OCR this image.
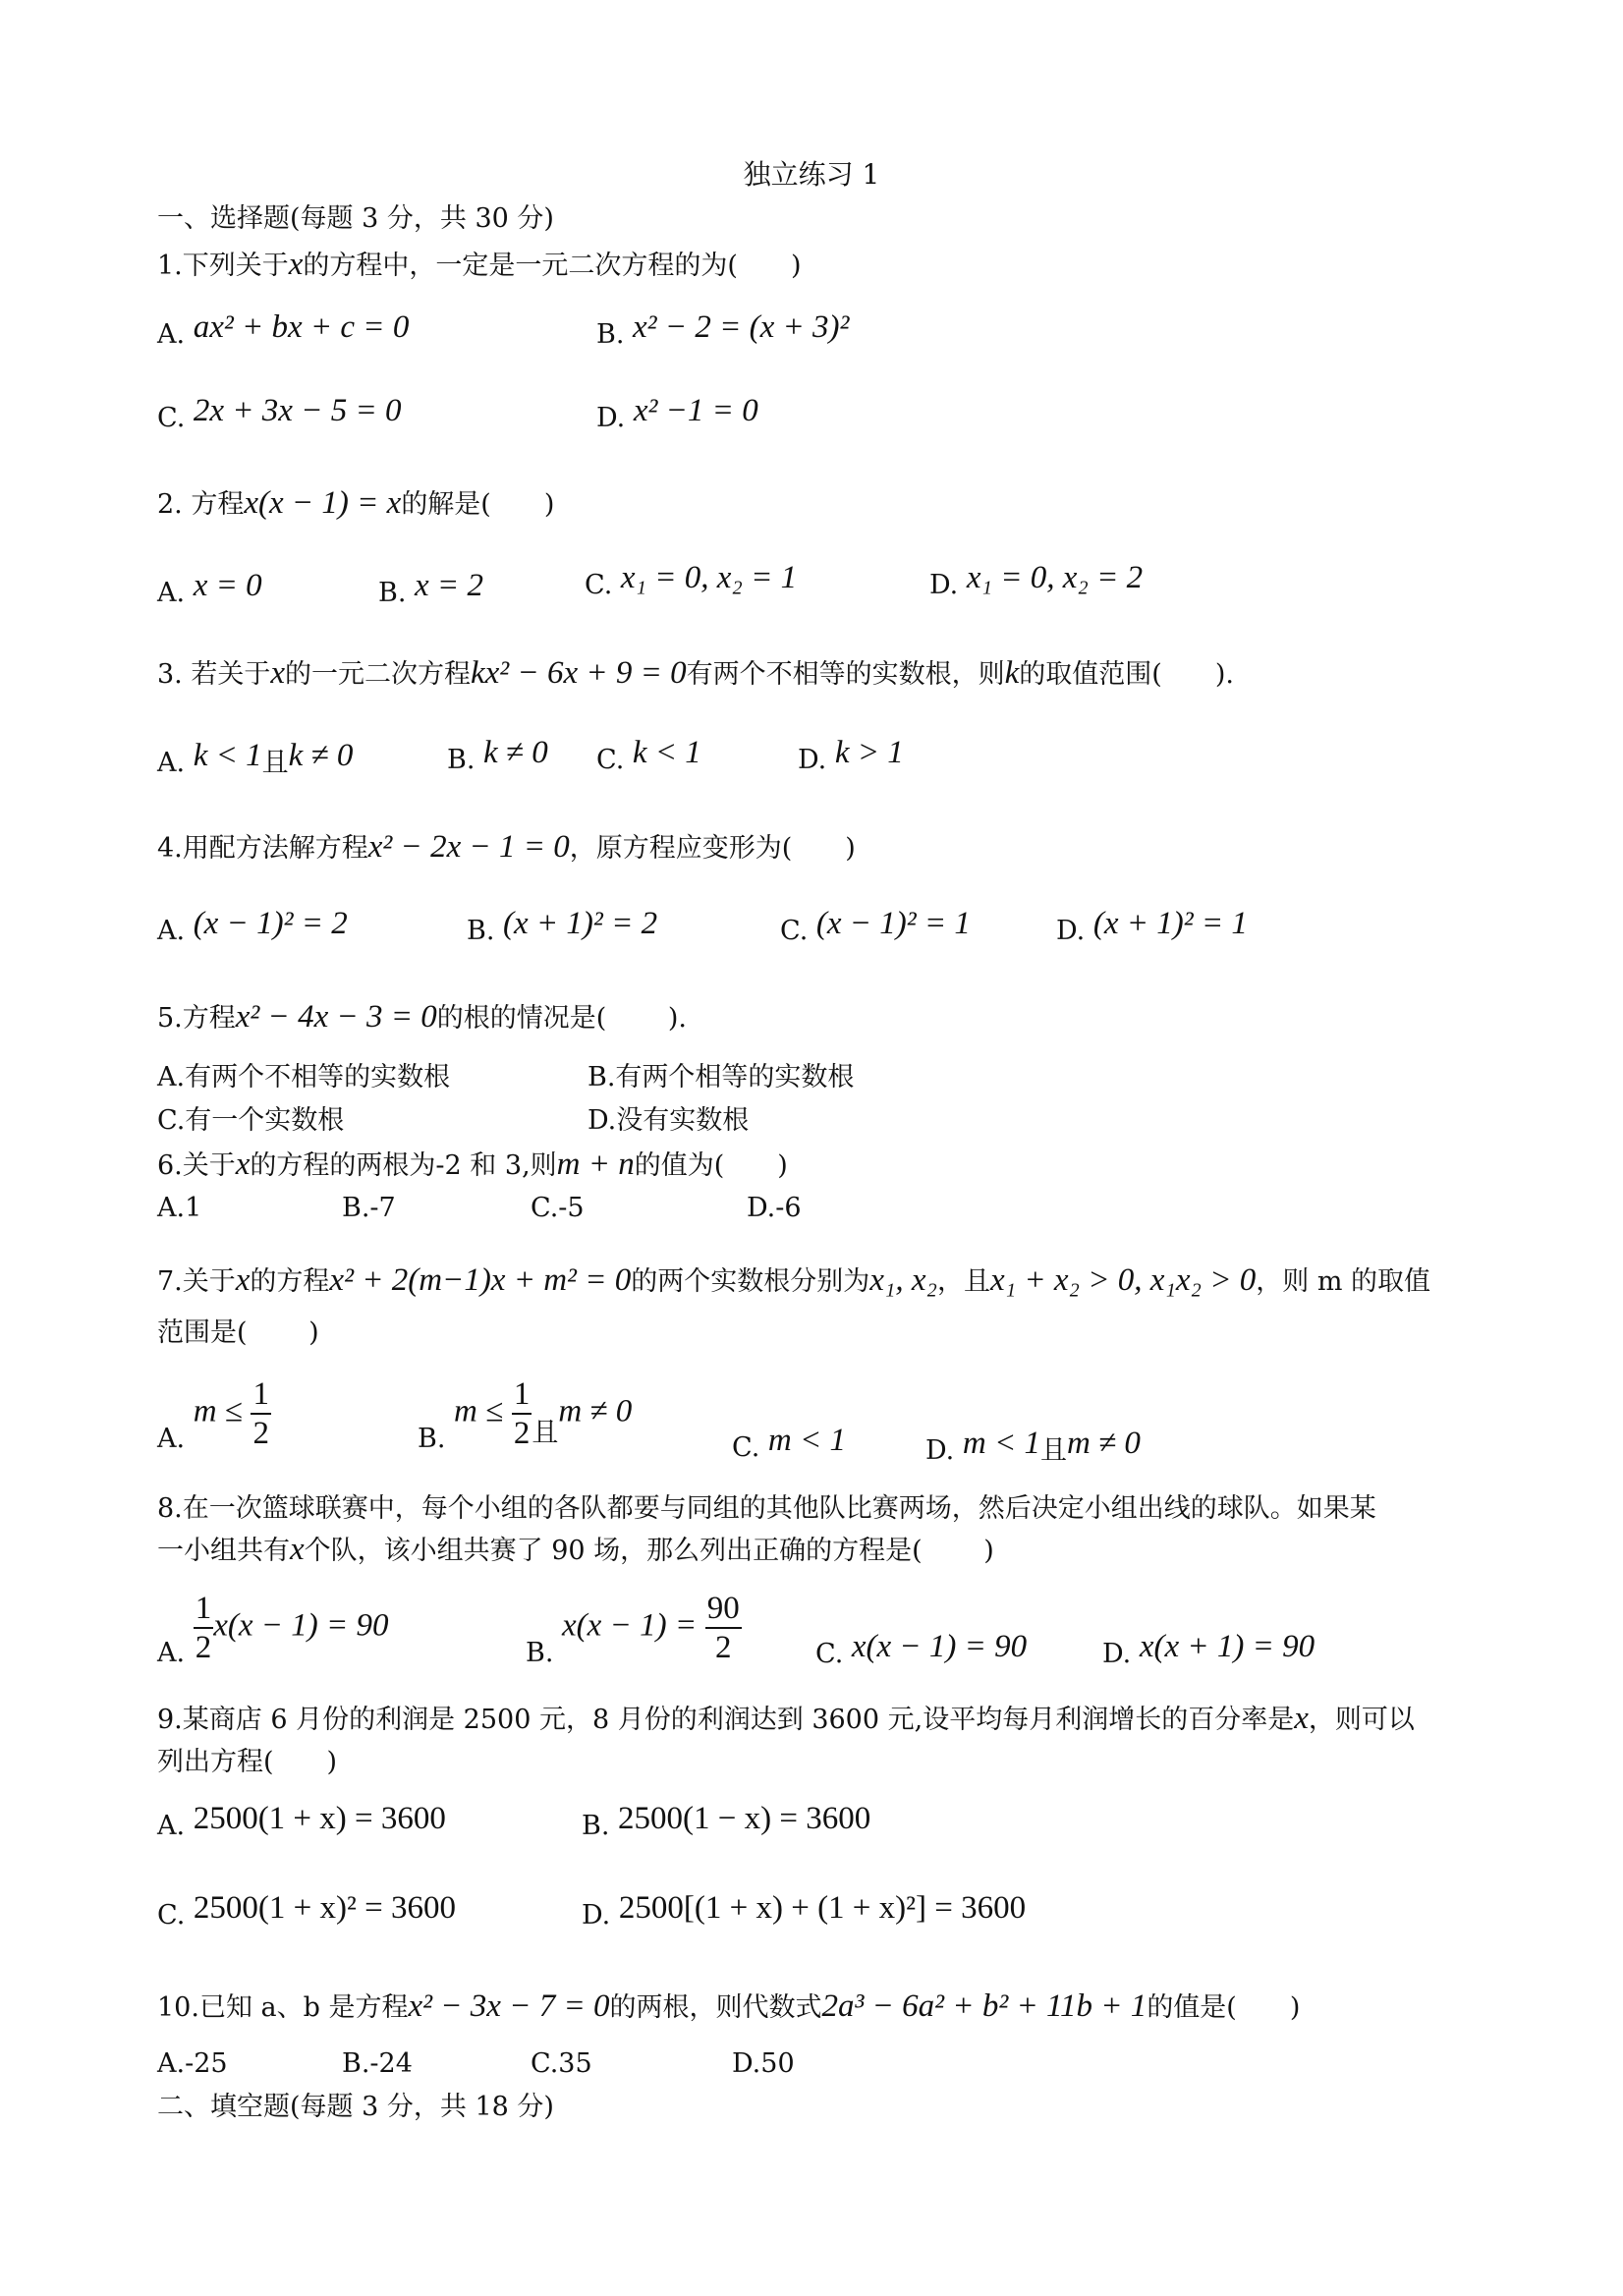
独立练习 1
一、选择题(每题 3 分，共 30 分)
1.下列关于x的方程中，一定是一元二次方程的为(　　)
A. ax² + bx + c = 0	B. x² − 2 = (x + 3)²
C. 2x + 3x − 5 = 0	D. x² −1 = 0
2. 方程x(x − 1) = x的解是(　　)
A. x = 0	B. x = 2	C. x₁ = 0, x₂ = 1	D. x₁ = 0, x₂ = 2
3. 若关于x的一元二次方程kx² − 6x + 9 = 0有两个不相等的实数根，则k的取值范围(　　).
A. k < 1且k ≠ 0	B. k ≠ 0 C. k < 1	D. k > 1
4.用配方法解方程x² − 2x − 1 = 0，原方程应变形为(　　)
A. (x − 1)² = 2	B. (x + 1)² = 2	C. (x − 1)² = 1	D. (x + 1)² = 1
5.方程x² − 4x − 3 = 0的根的情况是(　　 ).
A.有两个不相等的实数根	B.有两个相等的实数根
C.有一个实数根	D.没有实数根
6.关于x的方程的两根为-2 和 3,则m + n的值为(　　)
A.1	B.-7	C.-5	D.-6
7.关于x的方程x² + 2(m−1)x + m² = 0的两个实数根分别为x₁, x₂，且x₁ + x₂ > 0, x₁x₂ > 0，则 m 的取值
范围是(　　 )
A. $m \le \frac{1}{2}$	B. $m \le \frac{1}{2}$ 且m ≠ 0
C. m < 1	D. m < 1且m ≠ 0
8.在一次篮球联赛中，每个小组的各队都要与同组的其他队比赛两场，然后决定小组出线的球队。如果某
一小组共有x个队，该小组共赛了 90 场，那么列出正确的方程是(　　 )
A. $\frac{1}{2} x(x - 1) = 90$
B. $x(x - 1) = \frac{90}{2}$	C. x(x − 1) = 90	D. x(x + 1) = 90
9.某商店 6 月份的利润是 2500 元，8 月份的利润达到 3600 元,设平均每月利润增长的百分率是x，则可以
列出方程(　　)
A. 2500(1 + x) = 3600	B. 2500(1 − x) = 3600
C. 2500(1 + x)² = 3600	D. 2500[(1 + x) + (1 + x)²] = 3600
10.已知 a、b 是方程x² − 3x − 7 = 0的两根，则代数式2a³ − 6a² + b² + 11b + 1的值是(　　)
A.-25	B.-24	C.35	D.50
二、填空题(每题 3 分，共 18 分)
